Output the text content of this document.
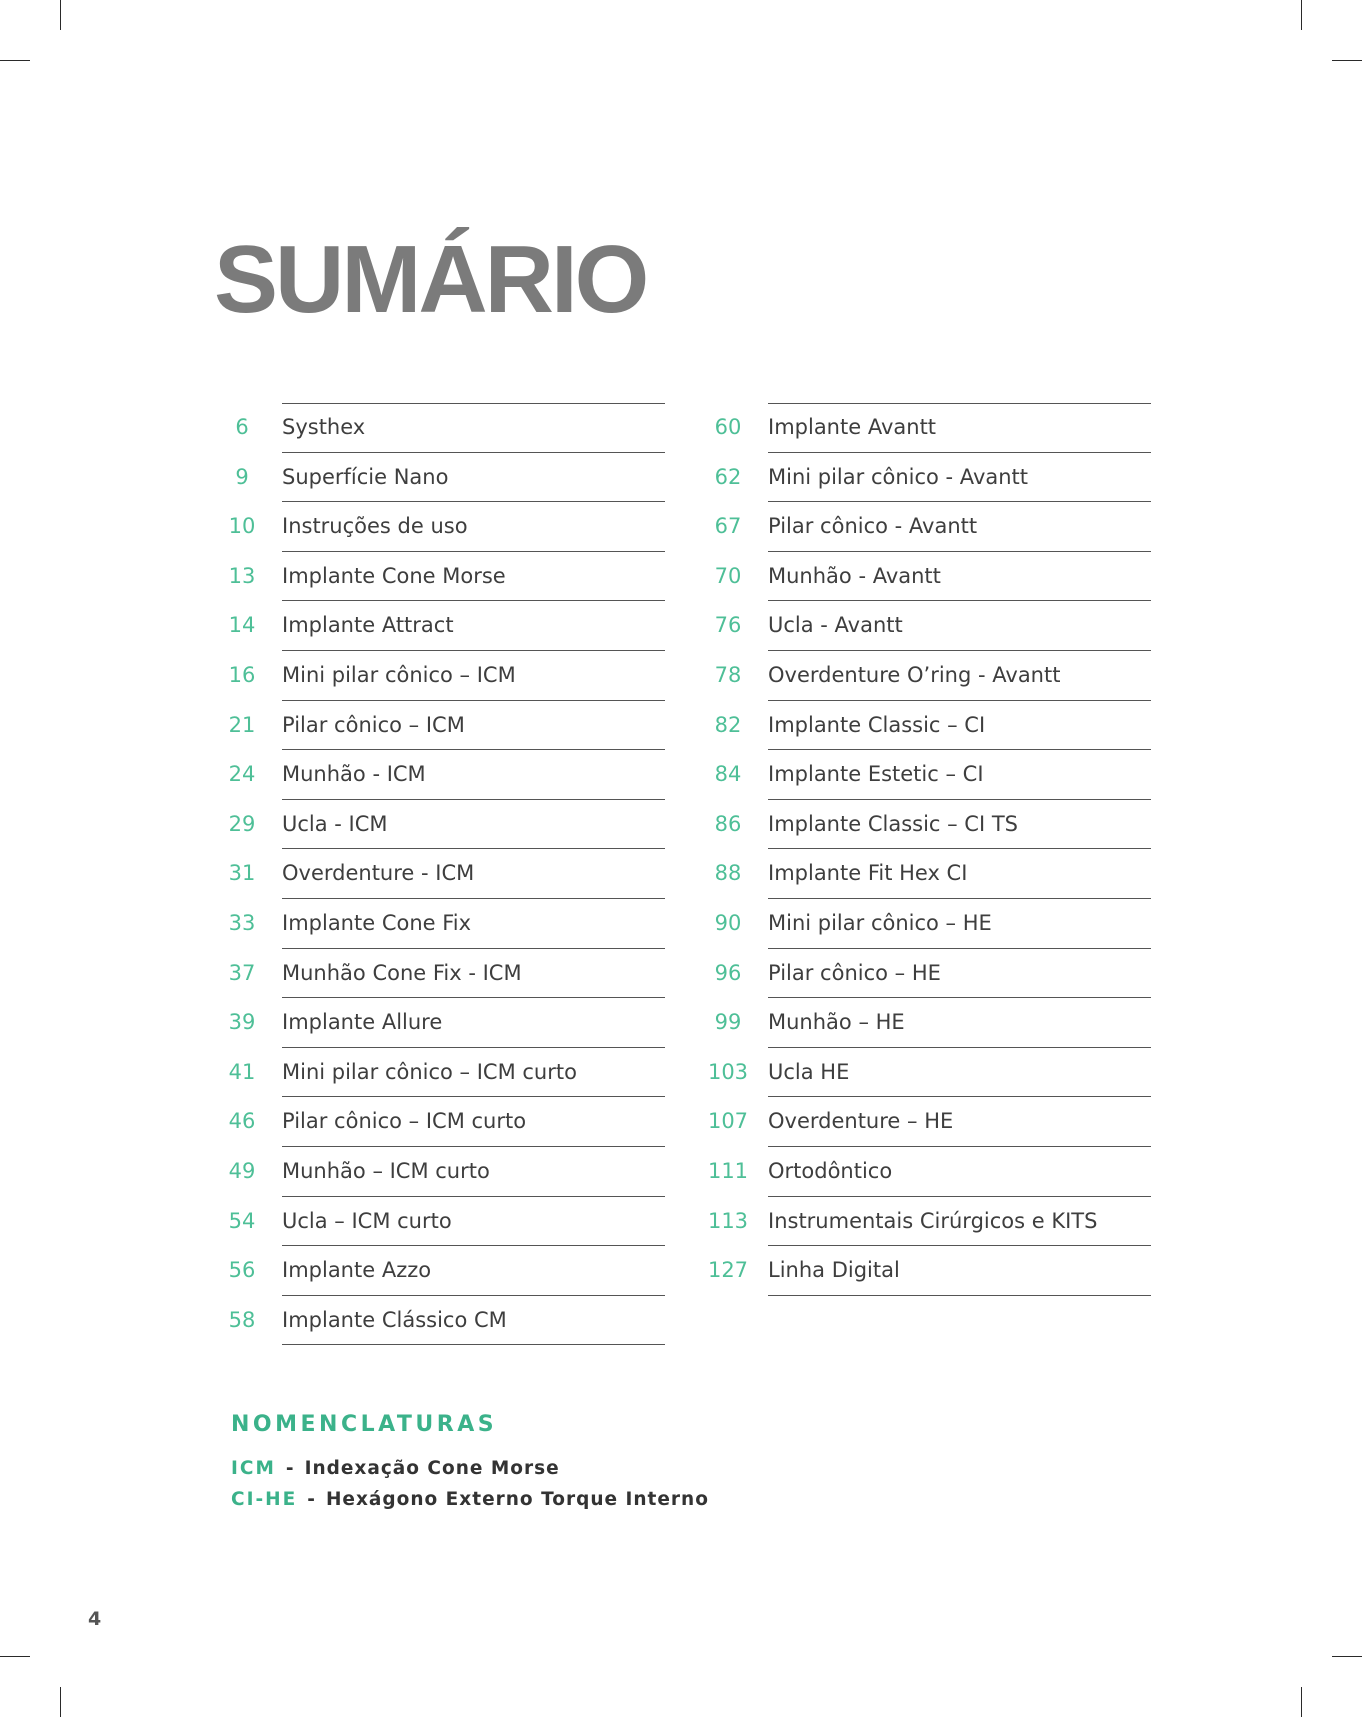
SUMÁRIO
6	Systhex
9	Superfície Nano
10	Instruções de uso
13	Implante Cone Morse
14	Implante Attract
16	Mini pilar cônico – ICM
21	Pilar cônico – ICM
24	Munhão - ICM
29	Ucla - ICM
31	Overdenture - ICM
33	Implante Cone Fix
37	Munhão Cone Fix - ICM
39	Implante Allure
41	Mini pilar cônico – ICM curto
46	Pilar cônico – ICM curto
49	Munhão – ICM curto
54	Ucla – ICM curto
56	Implante Azzo
58	Implante Clássico CM
60	Implante Avantt
62	Mini pilar cônico - Avantt
67	Pilar cônico - Avantt
70	Munhão - Avantt
76	Ucla - Avantt
78	Overdenture O’ring - Avantt
82	Implante Classic – CI
84	Implante Estetic – CI
86	Implante Classic – CI TS
88	Implante Fit Hex CI
90	Mini pilar cônico – HE
96	Pilar cônico – HE
99	Munhão – HE
103 Ucla HE
107 Overdenture – HE
111 Ortodôntico
113 Instrumentais Cirúrgicos e KITS
127 Linha Digital
NOMENCLATURAS
ICM - Indexação Cone Morse
CI-HE - Hexágono Externo Torque Interno
4
